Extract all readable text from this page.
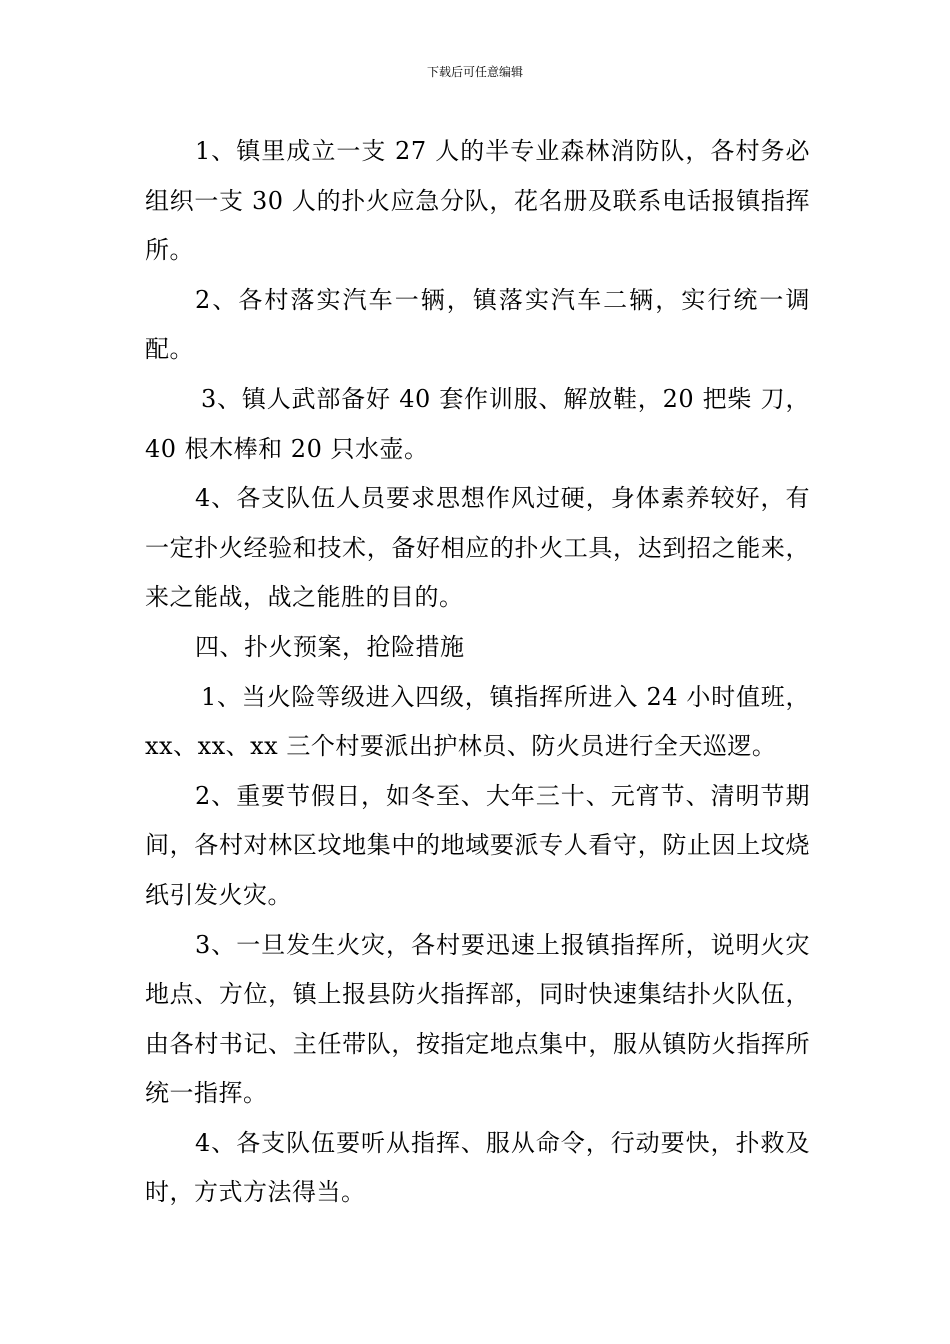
下载后可任意编辑

1、镇里成立一支 27 人的半专业森林消防队，各村务必组织一支 30 人的扑火应急分队，花名册及联系电话报镇指挥所。

2、各村落实汽车一辆，镇落实汽车二辆，实行统一调配。

3、镇人武部备好 40 套作训服、解放鞋，20 把柴 刀，40 根木棒和 20 只水壶。

4、各支队伍人员要求思想作风过硬，身体素养较好，有一定扑火经验和技术，备好相应的扑火工具，达到招之能来，来之能战，战之能胜的目的。

四、扑火预案，抢险措施

1、当火险等级进入四级，镇指挥所进入 24 小时值班，xx、xx、xx 三个村要派出护林员、防火员进行全天巡逻。

2、重要节假日，如冬至、大年三十、元宵节、清明节期间，各村对林区坟地集中的地域要派专人看守，防止因上坟烧纸引发火灾。

3、一旦发生火灾，各村要迅速上报镇指挥所，说明火灾地点、方位，镇上报县防火指挥部，同时快速集结扑火队伍，由各村书记、主任带队，按指定地点集中，服从镇防火指挥所统一指挥。

4、各支队伍要听从指挥、服从命令，行动要快，扑救及时，方式方法得当。
